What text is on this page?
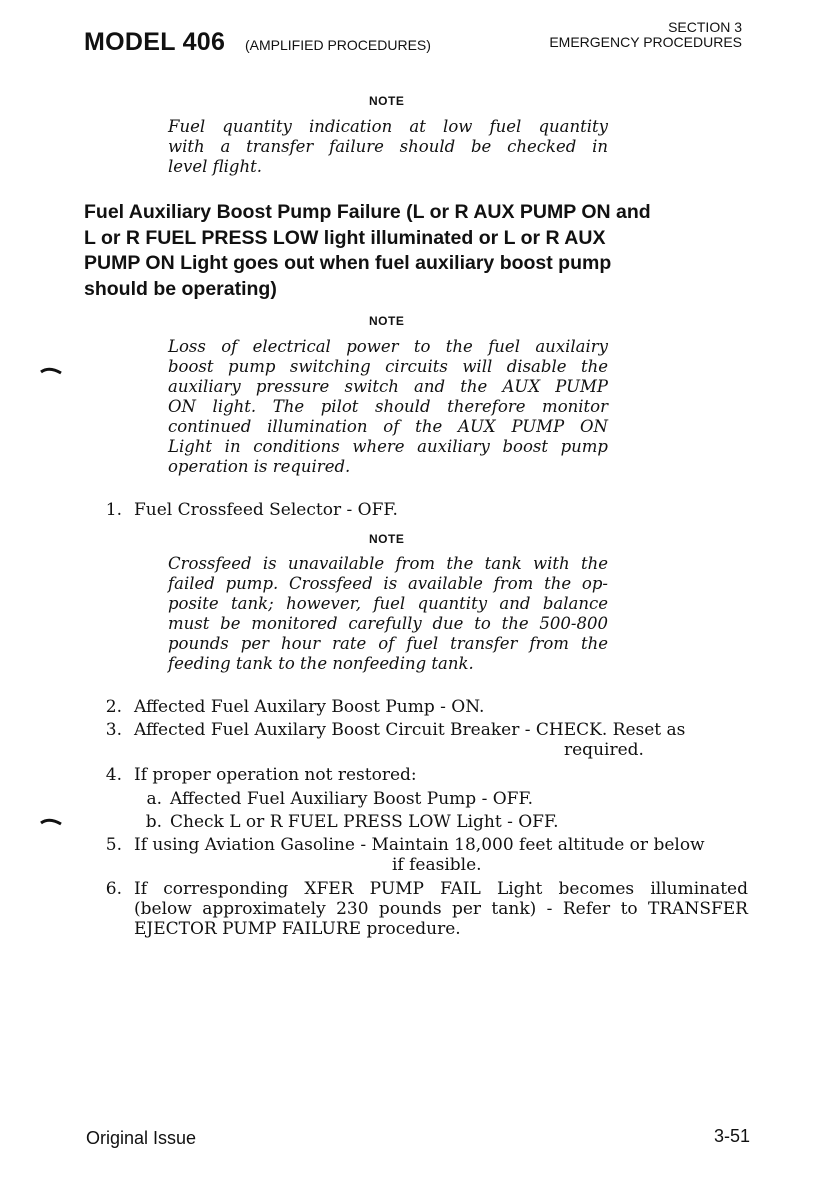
MODEL 406 (AMPLIFIED PROCEDURES)
SECTION 3
EMERGENCY PROCEDURES
NOTE

Fuel quantity indication at low fuel quantity
with a transfer failure should be checked in
level flight.

Fuel Auxiliary Boost Pump Failure (L or R AUX PUMP ON and
L or R FUEL PRESS LOW light illuminated or L or R AUX
PUMP ON Light goes out when fuel auxiliary boost pump
should be operating)
NOTE

Loss of electrical power to the fuel auxilairy
boost pump switching circuits will disable the
auxiliary pressure switch and the AUX PUMP
ON light. The pilot should therefore monitor
continued illumination of the AUX PUMP ON
Light in conditions where auxiliary boost pump
operation is required.

1. Fuel Crossfeed Selector - OFF.
NOTE

Crossfeed is unavailable from the tank with the
failed pump. Crossfeed is available from the op-
posite tank; however, fuel quantity and balance
must be monitored carefully due to the 500-800
pounds per hour rate of fuel transfer from the
feeding tank to the nonfeeding tank.

2. Affected Fuel Auxilary Boost Pump - ON.
3. Affected Fuel Auxilary Boost Circuit Breaker - CHECK. Reset as
required.
4. If proper operation not restored:
a. Affected Fuel Auxiliary Boost Pump - OFF.
b. Check L or R FUEL PRESS LOW Light - OFF.
5. If using Aviation Gasoline - Maintain 18,000 feet altitude or below
if feasible.
6. If corresponding XFER PUMP FAIL Light becomes illuminated
(below approximately 230 pounds per tank) - Refer to TRANSFER
EJECTOR PUMP FAILURE procedure.
Original Issue	3-51
